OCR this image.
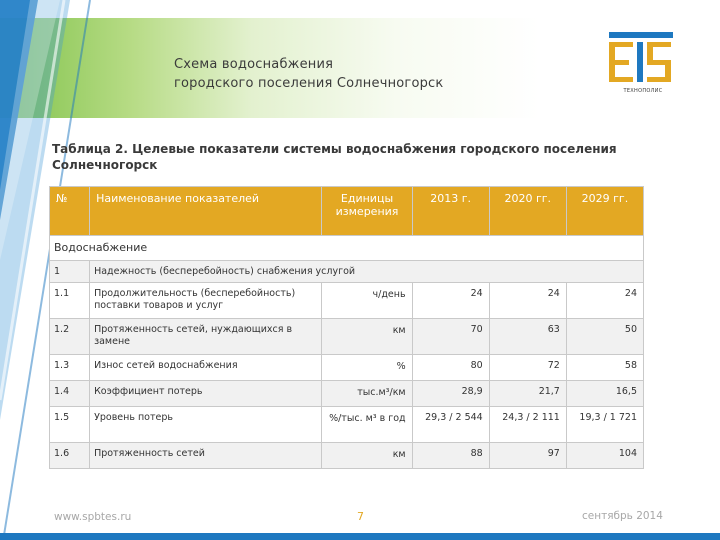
Схема водоснабжения
городского поселения Солнечногорск	ТЕХНОПОЛИС
Таблица 2. Целевые показатели системы водоснабжения городского поселения Солнечногорск
№	Наименование показателей	Единицы измерения	2013 г.	2020 гг.	2029 гг.
Водоснабжение					
1	Надежность (бесперебойность) снабжения услугой				
1.1	Продолжительность (бесперебойность) поставки товаров и услуг	ч/день	24	24	24
1.2	Протяженность сетей, нуждающихся в замене	км	70	63	50
1.3	Износ сетей водоснабжения	%	80	72	58
1.4	Коэффициент потерь	тыс.м³/км	28,9	21,7	16,5
1.5	Уровень потерь	%/тыс. м³ в год	29,3 / 2 544	24,3 / 2 111	19,3 / 1 721
1.6	Протяженность сетей	км	88	97	104
www.spbtes.ru	7	сентябрь 2014
